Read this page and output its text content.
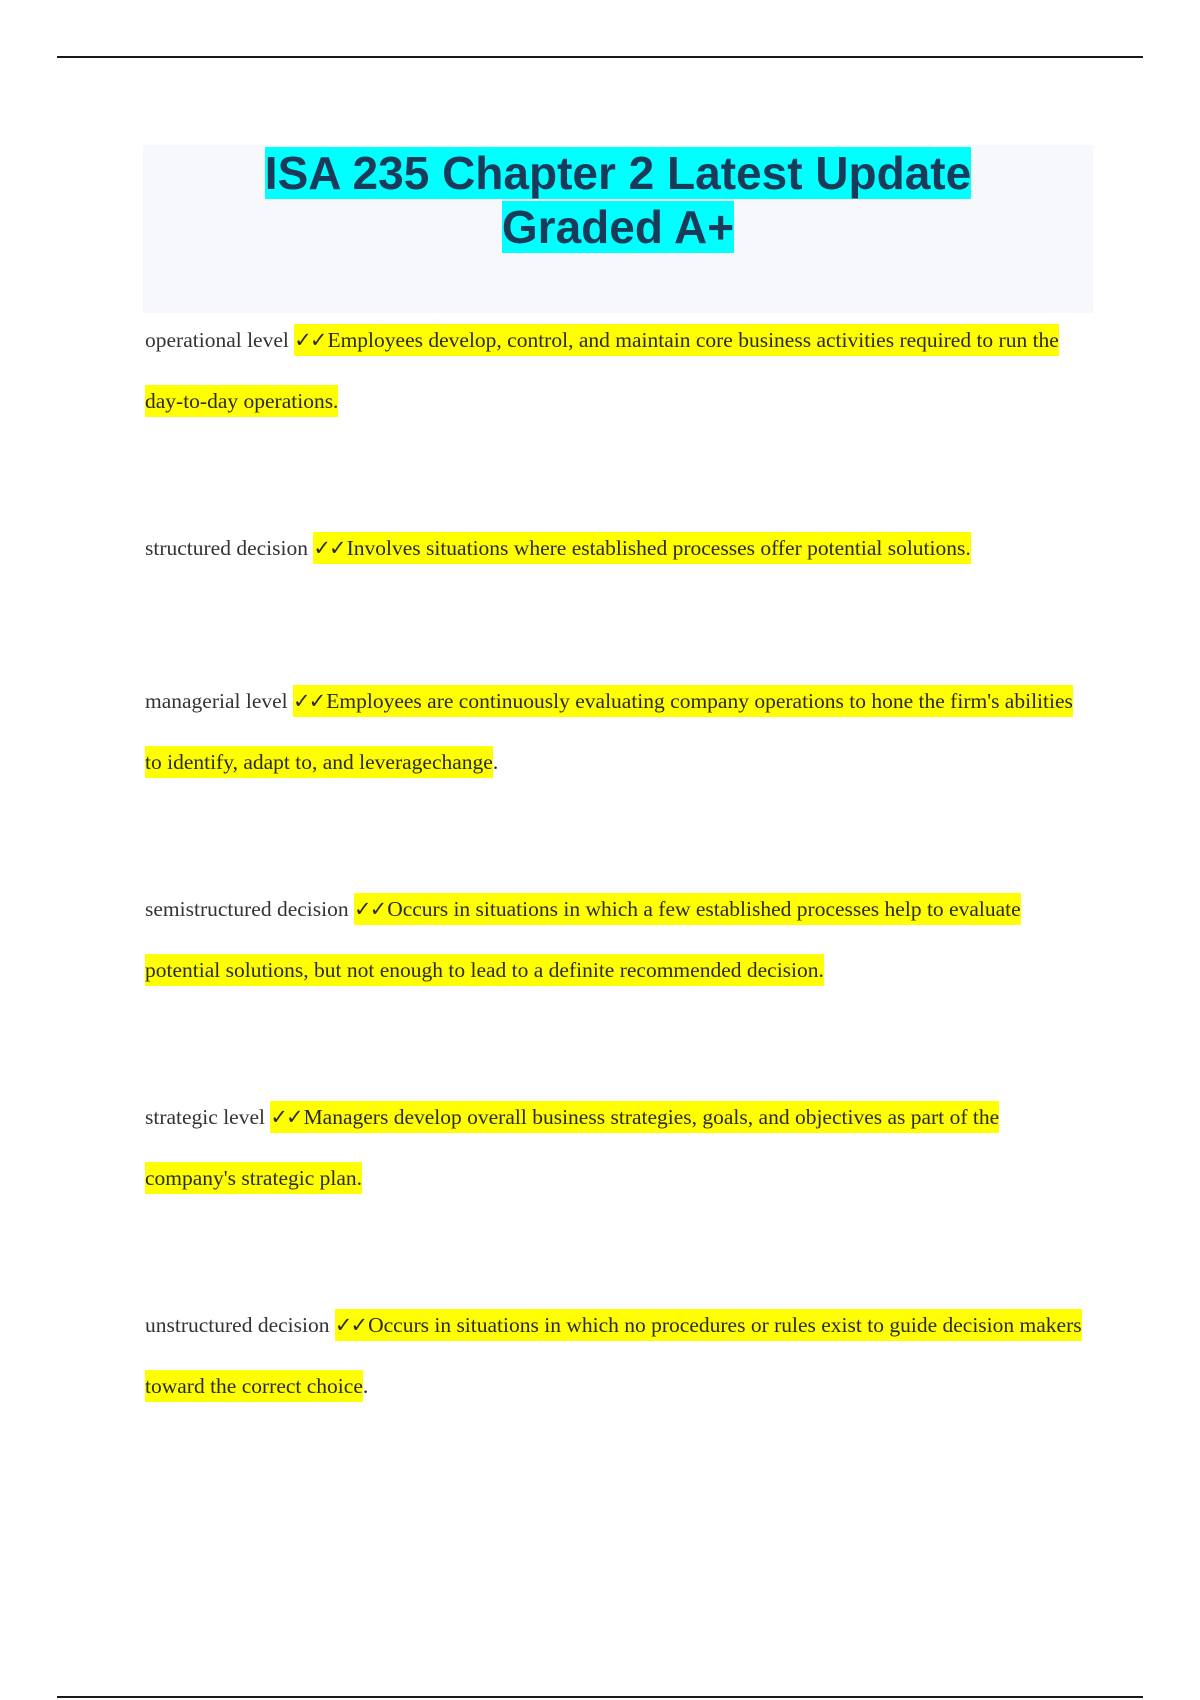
ISA 235 Chapter 2 Latest Update
Graded A+

operational level ✓✓Employees develop, control, and maintain core business activities required to run the day-to-day operations.

structured decision ✓✓Involves situations where established processes offer potential solutions.

managerial level ✓✓Employees are continuously evaluating company operations to hone the firm's abilities to identify, adapt to, and leveragechange.

semistructured decision ✓✓Occurs in situations in which a few established processes help to evaluate potential solutions, but not enough to lead to a definite recommended decision.

strategic level ✓✓Managers develop overall business strategies, goals, and objectives as part of the company's strategic plan.

unstructured decision ✓✓Occurs in situations in which no procedures or rules exist to guide decision makers toward the correct choice.
